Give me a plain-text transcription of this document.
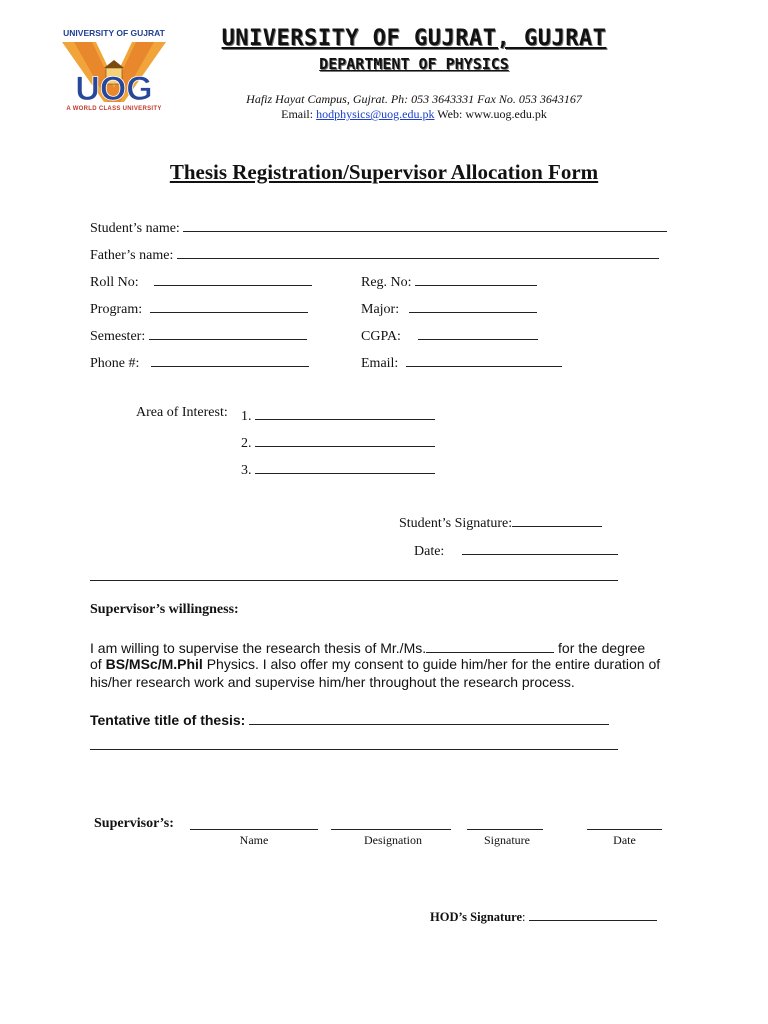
UNIVERSITY OF GUJRAT
UOG
A WORLD CLASS UNIVERSITY
UNIVERSITY OF GUJRAT, GUJRAT
DEPARTMENT OF PHYSICS
Hafiz Hayat Campus, Gujrat. Ph: 053 3643331 Fax No. 053 3643167
Email: hodphysics@uog.edu.pk Web: www.uog.edu.pk
Thesis Registration/Supervisor Allocation Form
Student’s name:
Father’s name:
Roll No:	Reg. No:
Program:	Major:
Semester:	CGPA:
Phone #:	Email:
Area of Interest: 1.
2.
3.
Student’s Signature:
Date:
Supervisor’s willingness:
I am willing to supervise the research thesis of Mr./Ms.	for the degree
of BS/MSc/M.Phil Physics. I also offer my consent to guide him/her for the entire duration of
his/her research work and supervise him/her throughout the research process.
Tentative title of thesis:
Supervisor’s:
Name	Designation	Signature	Date
HOD’s Signature:
